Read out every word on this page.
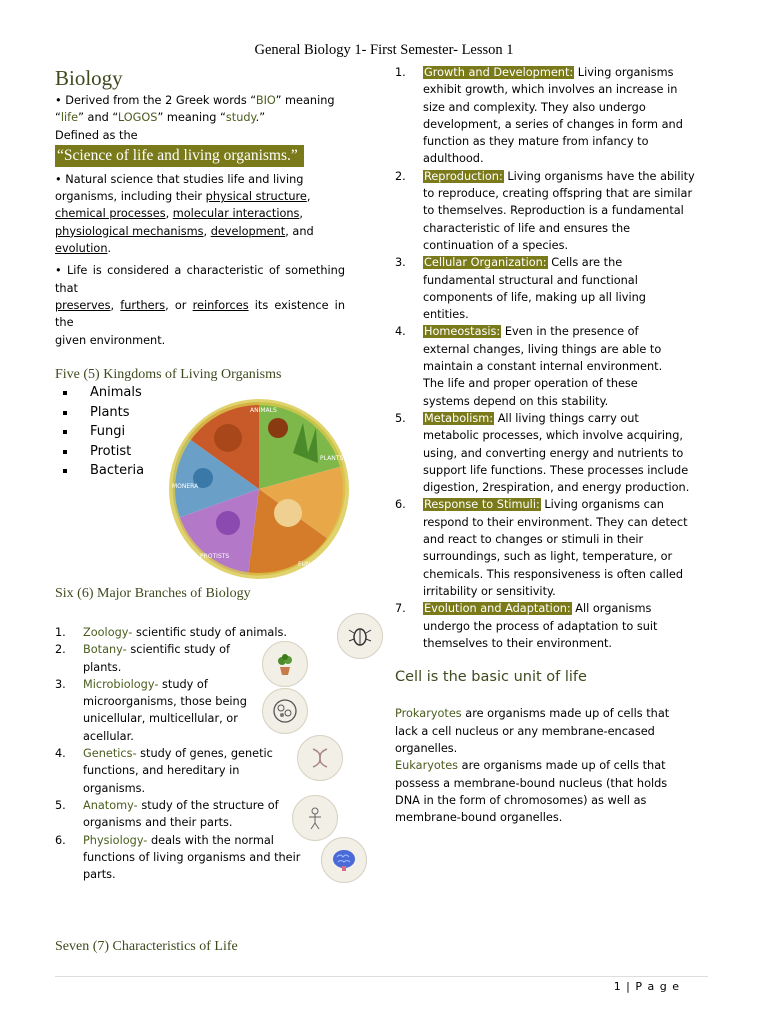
General Biology 1- First Semester- Lesson 1
Biology
• Derived from the 2 Greek words “BIO” meaning “life” and “LOGOS” meaning “study.”
Defined as the
“Science of life and living organisms.”
• Natural science that studies life and living organisms, including their physical structure, chemical processes, molecular interactions, physiological mechanisms, development, and evolution.
• Life is considered a characteristic of something that
preserves, furthers, or reinforces its existence in the
given environment.
Five (5) Kingdoms of Living Organisms
Animals
Plants
Fungi
Protist
Bacteria
ANIMALS
PLANTS
FUNGI
PROTISTS
MONERA
Six (6) Major Branches of Biology
1. Zoology- scientific study of animals.
2. Botany- scientific study of plants.
3. Microbiology- study of microorganisms, those being unicellular, multicellular, or acellular.
4. Genetics- study of genes, genetic functions, and hereditary in organisms.
5. Anatomy- study of the structure of organisms and their parts.
6. Physiology- deals with the normal functions of living organisms and their parts.
Seven (7) Characteristics of Life
1. Growth and Development: Living organisms exhibit growth, which involves an increase in size and complexity. They also undergo development, a series of changes in form and function as they mature from infancy to adulthood.
2. Reproduction: Living organisms have the ability to reproduce, creating offspring that are similar to themselves. Reproduction is a fundamental characteristic of life and ensures the continuation of a species.
3. Cellular Organization: Cells are the fundamental structural and functional components of life, making up all living entities.
4. Homeostasis: Even in the presence of external changes, living things are able to maintain a constant internal environment. The life and proper operation of these systems depend on this stability.
5. Metabolism: All living things carry out metabolic processes, which involve acquiring, using, and converting energy and nutrients to support life functions. These processes include digestion, 2respiration, and energy production.
6. Response to Stimuli: Living organisms can respond to their environment. They can detect and react to changes or stimuli in their surroundings, such as light, temperature, or chemicals. This responsiveness is often called irritability or sensitivity.
7. Evolution and Adaptation: All organisms undergo the process of adaptation to suit themselves to their environment.
Cell is the basic unit of life
Prokaryotes are organisms made up of cells that lack a cell nucleus or any membrane-encased organelles.
Eukaryotes are organisms made up of cells that possess a membrane-bound nucleus (that holds DNA in the form of chromosomes) as well as membrane-bound organelles.
1 | P a g e
